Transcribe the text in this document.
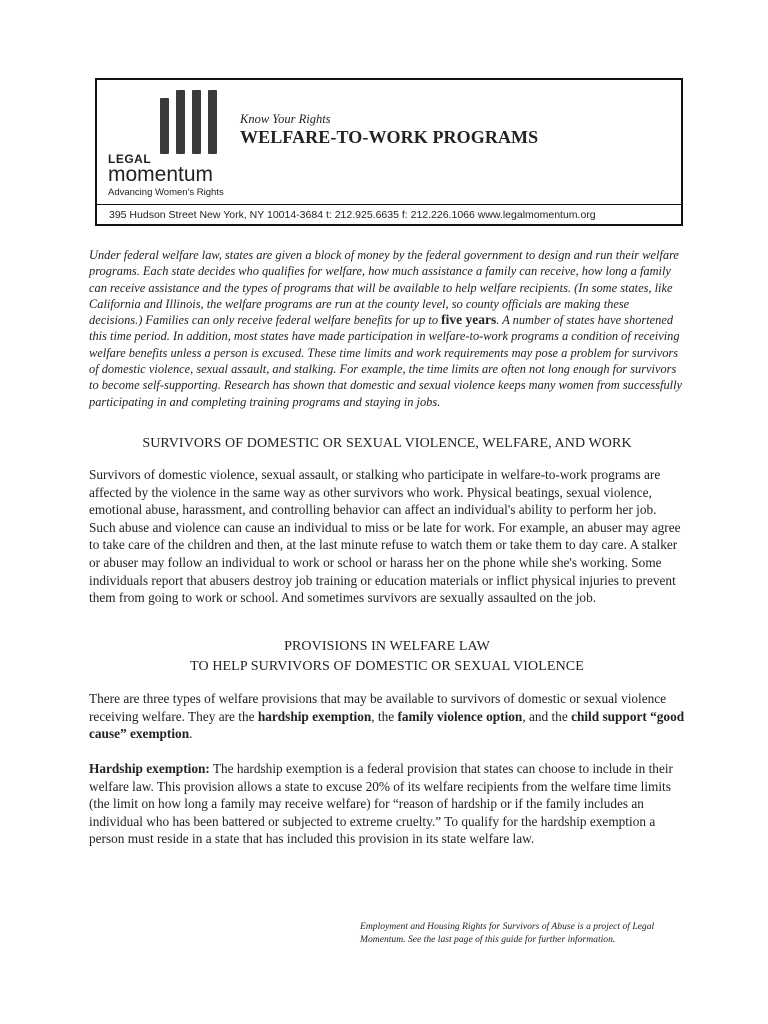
LEGAL
momentum
Advancing Women's Rights
Know Your Rights
WELFARE-TO-WORK PROGRAMS
395 Hudson Street New York, NY 10014-3684 t: 212.925.6635 f: 212.226.1066 www.legalmomentum.org
Under federal welfare law, states are given a block of money by the federal government to design and run their welfare programs. Each state decides who qualifies for welfare, how much assistance a family can receive, how long a family can receive assistance and the types of programs that will be available to help welfare recipients. (In some states, like California and Illinois, the welfare programs are run at the county level, so county officials are making these decisions.) Families can only receive federal welfare benefits for up to five years. A number of states have shortened this time period. In addition, most states have made participation in welfare-to-work programs a condition of receiving welfare benefits unless a person is excused. These time limits and work requirements may pose a problem for survivors of domestic violence, sexual assault, and stalking. For example, the time limits are often not long enough for survivors to become self-supporting. Research has shown that domestic and sexual violence keeps many women from successfully participating in and completing training programs and staying in jobs.
SURVIVORS OF DOMESTIC OR SEXUAL VIOLENCE, WELFARE, AND WORK
Survivors of domestic violence, sexual assault, or stalking who participate in welfare-to-work programs are affected by the violence in the same way as other survivors who work. Physical beatings, sexual violence, emotional abuse, harassment, and controlling behavior can affect an individual's ability to perform her job. Such abuse and violence can cause an individual to miss or be late for work. For example, an abuser may agree to take care of the children and then, at the last minute refuse to watch them or take them to day care. A stalker or abuser may follow an individual to work or school or harass her on the phone while she's working. Some individuals report that abusers destroy job training or education materials or inflict physical injuries to prevent them from going to work or school. And sometimes survivors are sexually assaulted on the job.
PROVISIONS IN WELFARE LAW
TO HELP SURVIVORS OF DOMESTIC OR SEXUAL VIOLENCE
There are three types of welfare provisions that may be available to survivors of domestic or sexual violence receiving welfare. They are the hardship exemption, the family violence option, and the child support “good cause” exemption.
Hardship exemption: The hardship exemption is a federal provision that states can choose to include in their welfare law. This provision allows a state to excuse 20% of its welfare recipients from the welfare time limits (the limit on how long a family may receive welfare) for “reason of hardship or if the family includes an individual who has been battered or subjected to extreme cruelty.” To qualify for the hardship exemption a person must reside in a state that has included this provision in its state welfare law.
Employment and Housing Rights for Survivors of Abuse is a project of Legal Momentum. See the last page of this guide for further information.
